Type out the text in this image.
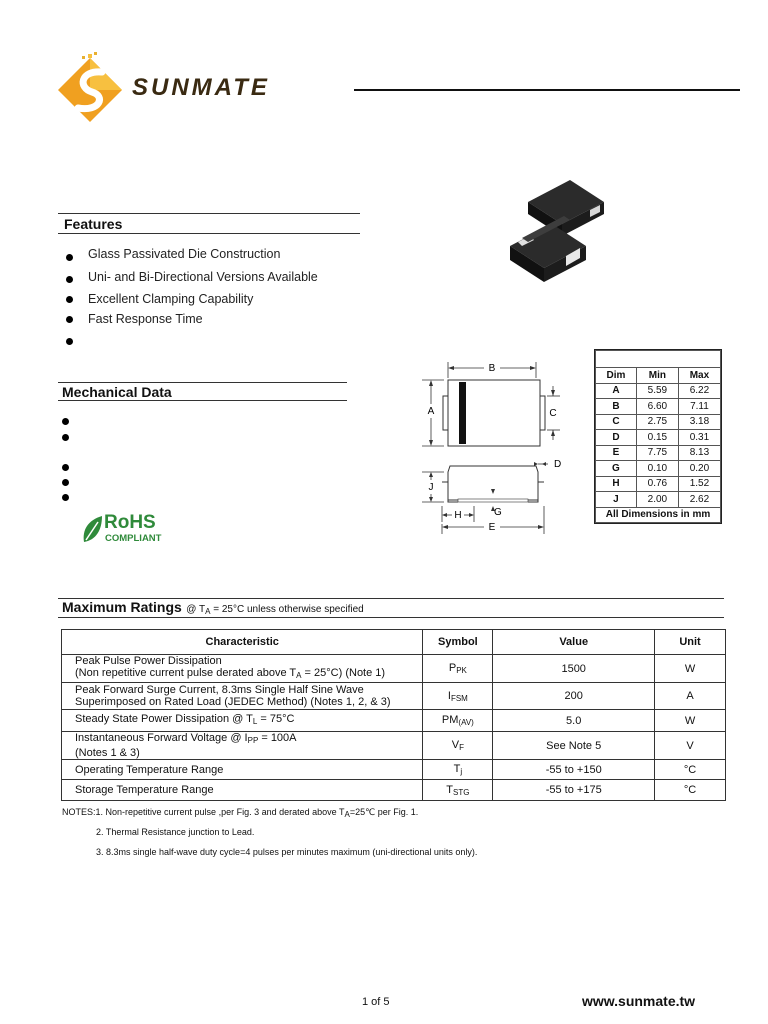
SUNMATE
Features
Glass Passivated Die Construction
Uni- and Bi-Directional Versions Available
Excellent Clamping Capability
Fast Response Time
Mechanical Data
RoHS
COMPLIANT
B
A	C
D
J
H	G
E

Dim	Min	Max
A	5.59	6.22
B	6.60	7.11
C	2.75	3.18
D	0.15	0.31
E	7.75	8.13
G	0.10	0.20
H	0.76	1.52
J	2.00	2.62
All Dimensions in mm		
Maximum Ratings @ $T_A = 25^\circ C$ unless otherwise specified
Characteristic	Symbol	Value	Unit
Peak Pulse Power Dissipation
(Non repetitive current pulse derated above $T_A = 25^\circ C$) (Note 1)	$P_{PK}$	1500	W
Peak Forward Surge Current, 8.3ms Single Half Sine Wave
Superimposed on Rated Load (JEDEC Method) (Notes 1, 2, & 3)	$I_{FSM}$	200	A
Steady State Power Dissipation @ $T_L = 75^\circ C$	$PM_{(AV)}$	5.0	W
Instantaneous Forward Voltage @ $I_{PP} = 100A$
(Notes 1 & 3)	$V_F$	See Note 5	V
Operating Temperature Range	$T_j$	-55 to +150	°C
Storage Temperature Range	$T_{STG}$	-55 to +175	°C
NOTES:1. Non-repetitive current pulse ,per Fig. 3 and derated above TA=25℃ per Fig. 1.
2. Thermal Resistance junction to Lead.
3. 8.3ms single half-wave duty cycle=4 pulses per minutes maximum (uni-directional units only).
1 of 5	www.sunmate.tw
